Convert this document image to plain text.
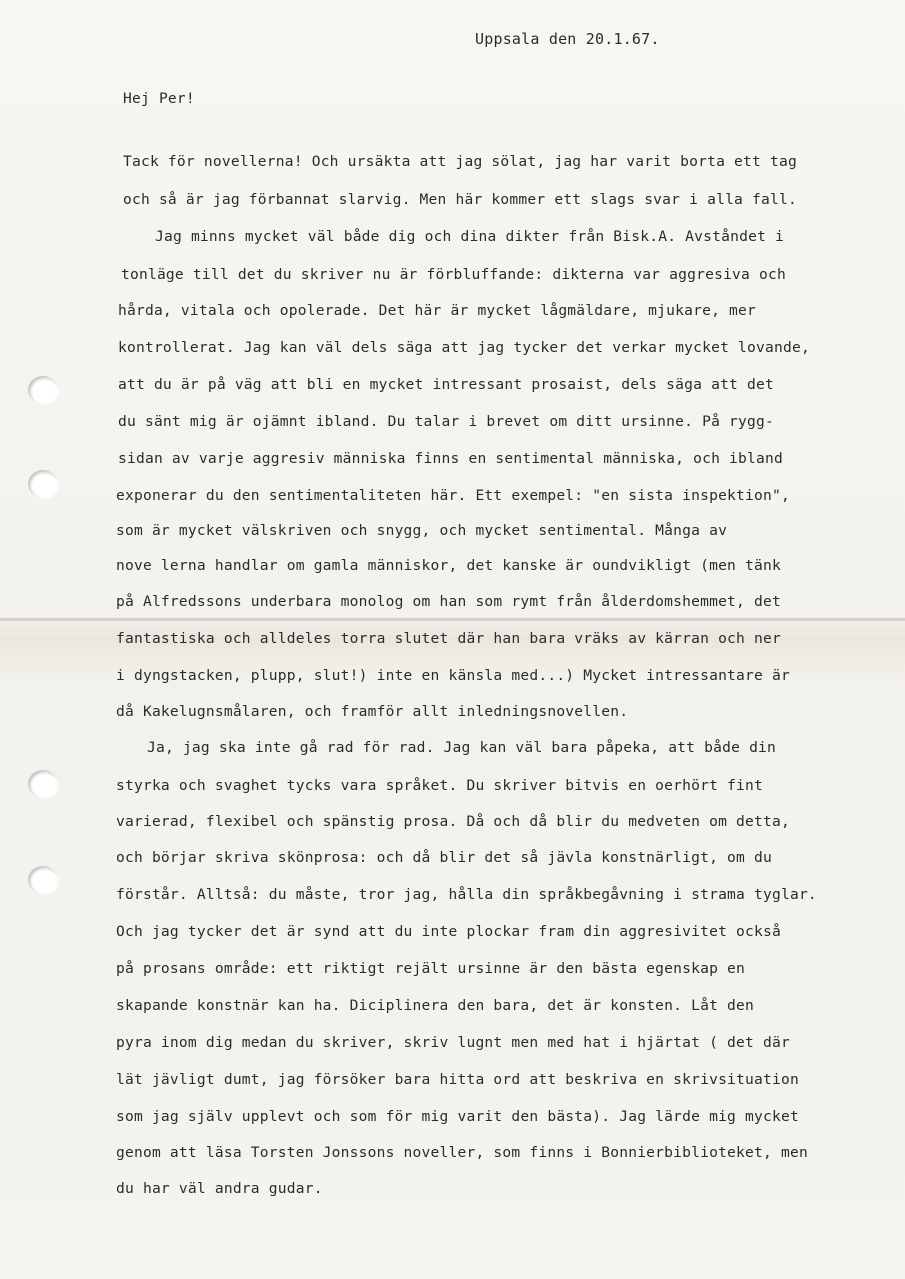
Uppsala den 20.1.67.
Hej Per!
Tack för novellerna! Och ursäkta att jag sölat, jag har varit borta ett tag
och så är jag förbannat slarvig. Men här kommer ett slags svar i alla fall.
Jag minns mycket väl både dig och dina dikter från Bisk.A. Avståndet i
tonläge till det du skriver nu är förbluffande: dikterna var aggresiva och
hårda, vitala och opolerade. Det här är mycket lågmäldare, mjukare, mer
kontrollerat. Jag kan väl dels säga att jag tycker det verkar mycket lovande,
att du är på väg att bli en mycket intressant prosaist, dels säga att det
du sänt mig är ojämnt ibland. Du talar i brevet om ditt ursinne. På rygg-
sidan av varje aggresiv människa finns en sentimental människa, och ibland
exponerar du den sentimentaliteten här. Ett exempel: "en sista inspektion",
som är mycket välskriven och snygg, och mycket sentimental. Många av
nove lerna handlar om gamla människor, det kanske är oundvikligt (men tänk
på Alfredssons underbara monolog om han som rymt från ålderdomshemmet, det
fantastiska och alldeles torra slutet där han bara vräks av kärran och ner
i dyngstacken, plupp, slut!) inte en känsla med...) Mycket intressantare är
då Kakelugnsmålaren, och framför allt inledningsnovellen.
Ja, jag ska inte gå rad för rad. Jag kan väl bara påpeka, att både din
styrka och svaghet tycks vara språket. Du skriver bitvis en oerhört fint
varierad, flexibel och spänstig prosa. Då och då blir du medveten om detta,
och börjar skriva skönprosa: och då blir det så jävla konstnärligt, om du
förstår. Alltså: du måste, tror jag, hålla din språkbegåvning i strama tyglar.
Och jag tycker det är synd att du inte plockar fram din aggresivitet också
på prosans område: ett riktigt rejält ursinne är den bästa egenskap en
skapande konstnär kan ha. Diciplinera den bara, det är konsten. Låt den
pyra inom dig medan du skriver, skriv lugnt men med hat i hjärtat ( det där
lät jävligt dumt, jag försöker bara hitta ord att beskriva en skrivsituation
som jag själv upplevt och som för mig varit den bästa). Jag lärde mig mycket
genom att läsa Torsten Jonssons noveller, som finns i Bonnierbiblioteket, men
du har väl andra gudar.
